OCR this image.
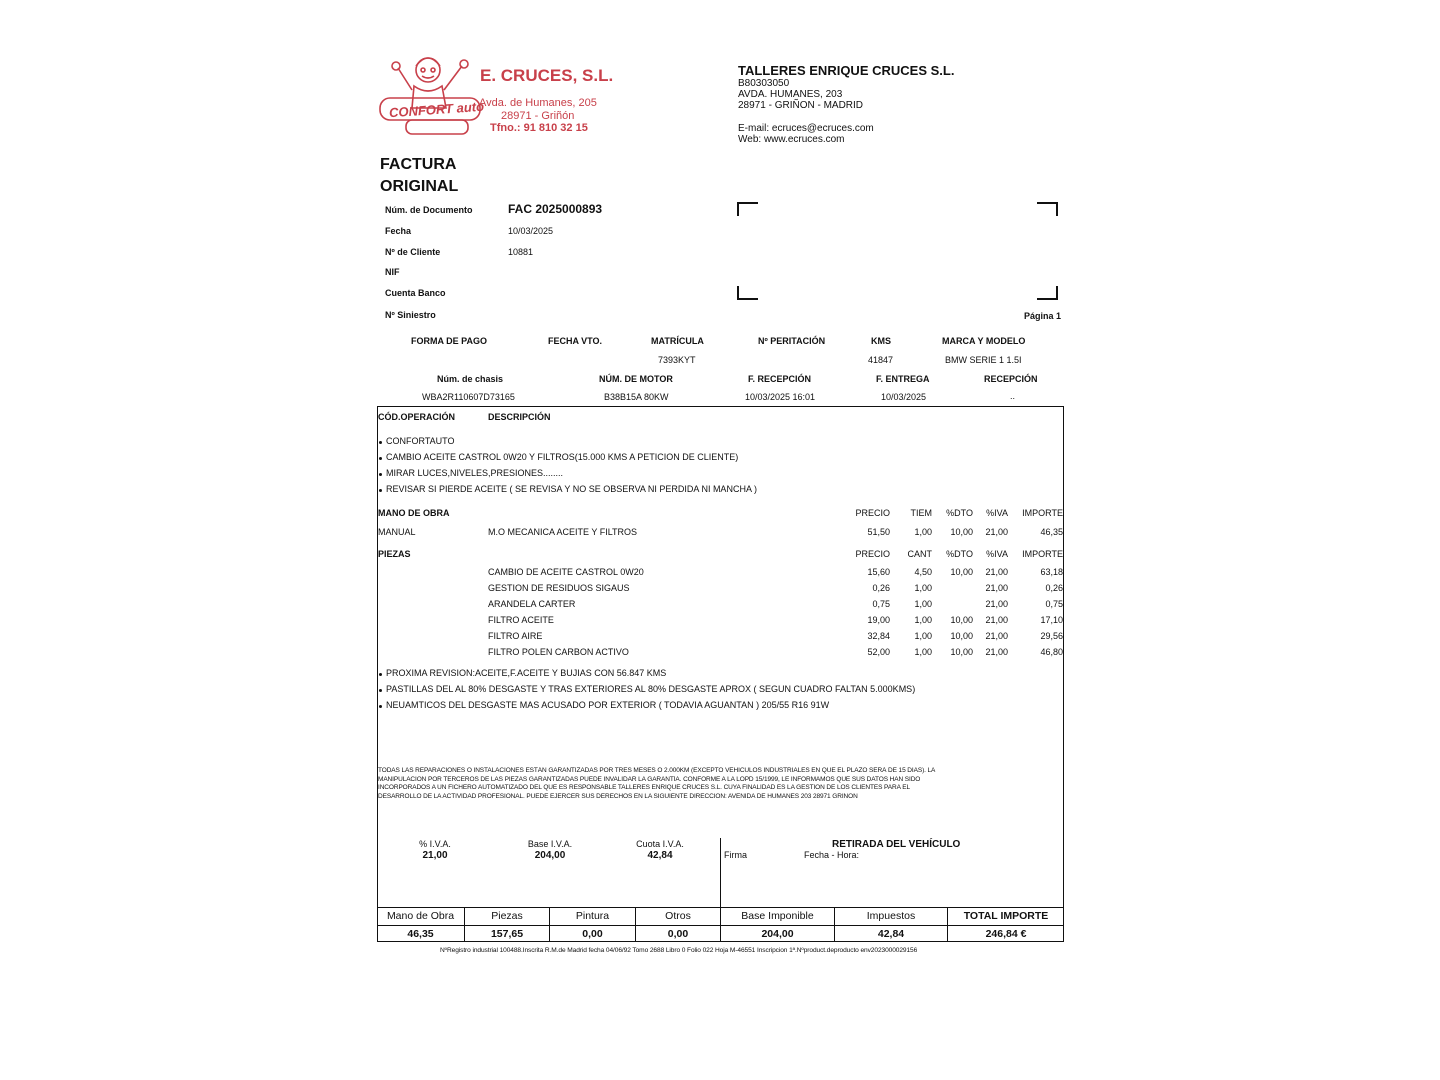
CONFORT auto
E. CRUCES, S.L.
Avda. de Humanes, 205
28971 - Griñón
Tfno.: 91 810 32 15
TALLERES ENRIQUE CRUCES S.L.
B80303050
AVDA. HUMANES, 203
28971 - GRIÑON - MADRID
E-mail: ecruces@ecruces.com
Web: www.ecruces.com
FACTURA
ORIGINAL
Núm. de Documento	FAC 2025000893
Fecha	10/03/2025
Nº de Cliente	10881
NIF
Cuenta Banco
Nº Siniestro	Página 1
FORMA DE PAGO	FECHA VTO.	MATRÍCULA	Nº PERITACIÓN	KMS	MARCA Y MODELO
7393KYT	41847	BMW SERIE 1 1.5I
Núm. de chasis	NÚM. DE MOTOR	F. RECEPCIÓN	F. ENTREGA	RECEPCIÓN
WBA2R110607D73165	B38B15A 80KW	10/03/2025 16:01	10/03/2025	..
CÓD.OPERACIÓN	DESCRIPCIÓN
CONFORTAUTO
CAMBIO ACEITE CASTROL 0W20 Y FILTROS(15.000 KMS A PETICION DE CLIENTE)
MIRAR LUCES,NIVELES,PRESIONES........
REVISAR SI PIERDE ACEITE ( SE REVISA Y NO SE OBSERVA NI PERDIDA NI MANCHA )
MANO DE OBRA	PRECIO	TIEM	%DTO	%IVA	IMPORTE
MANUAL	M.O MECANICA ACEITE Y FILTROS	51,50	1,00	10,00	21,00	46,35
PIEZAS	PRECIO	CANT	%DTO	%IVA	IMPORTE
CAMBIO DE ACEITE CASTROL 0W20	15,60	4,50	10,00	21,00	63,18
GESTION DE RESIDUOS SIGAUS	0,26	1,00	21,00	0,26
ARANDELA CARTER	0,75	1,00	21,00	0,75
FILTRO ACEITE	19,00	1,00	10,00	21,00	17,10
FILTRO AIRE	32,84	1,00	10,00	21,00	29,56
FILTRO POLEN CARBON ACTIVO	52,00	1,00	10,00	21,00	46,80
PROXIMA REVISION:ACEITE,F.ACEITE Y BUJIAS CON 56.847 KMS
PASTILLAS DEL AL 80% DESGASTE Y TRAS EXTERIORES AL 80% DESGASTE APROX ( SEGUN CUADRO FALTAN 5.000KMS)
NEUAMTICOS DEL DESGASTE MAS ACUSADO POR EXTERIOR ( TODAVIA AGUANTAN ) 205/55 R16 91W
TODAS LAS REPARACIONES O INSTALACIONES ESTÁN GARANTIZADAS POR TRES MESES O 2.000KM (EXCEPTO VEHICULOS INDUSTRIALES EN QUE EL PLAZO SERÁ DE 15 DIAS). LA
MANIPULACIÓN POR TERCEROS DE LAS PIEZAS GARANTIZADAS PUEDE INVALIDAR LA GARANTÍA. CONFORME A LA LOPD 15/1999, LE INFORMAMOS QUE SUS DATOS HAN SIDO
INCORPORADOS A UN FICHERO AUTOMATIZADO DEL QUE ES RESPONSABLE TALLERES ENRIQUE CRUCES S.L. CUYA FINALIDAD ES LA GESTIÓN DE LOS CLIENTES PARA EL
DESARROLLO DE LA ACTIVIDAD PROFESIONAL. PUEDE EJERCER SUS DERECHOS EN LA SIGUIENTE DIRECCIÓN: AVENIDA DE HUMANES 203 28971 GRIÑÓN
% I.V.A.
21,00
Base I.V.A.
204,00
Cuota I.V.A.
42,84
RETIRADA DEL VEHÍCULO
Firma	Fecha - Hora:
Mano de Obra	Piezas	Pintura	Otros	Base Imponible	Impuestos	TOTAL IMPORTE
46,35	157,65	0,00	0,00	204,00	42,84	246,84 €
NºRegistro industrial 100488.Inscrita R.M.de Madrid fecha 04/06/92 Tomo 2688 Libro 0 Folio 022 Hoja M-46551 Inscripcion 1ª.Nºproduct.deproducto env2023000029156
